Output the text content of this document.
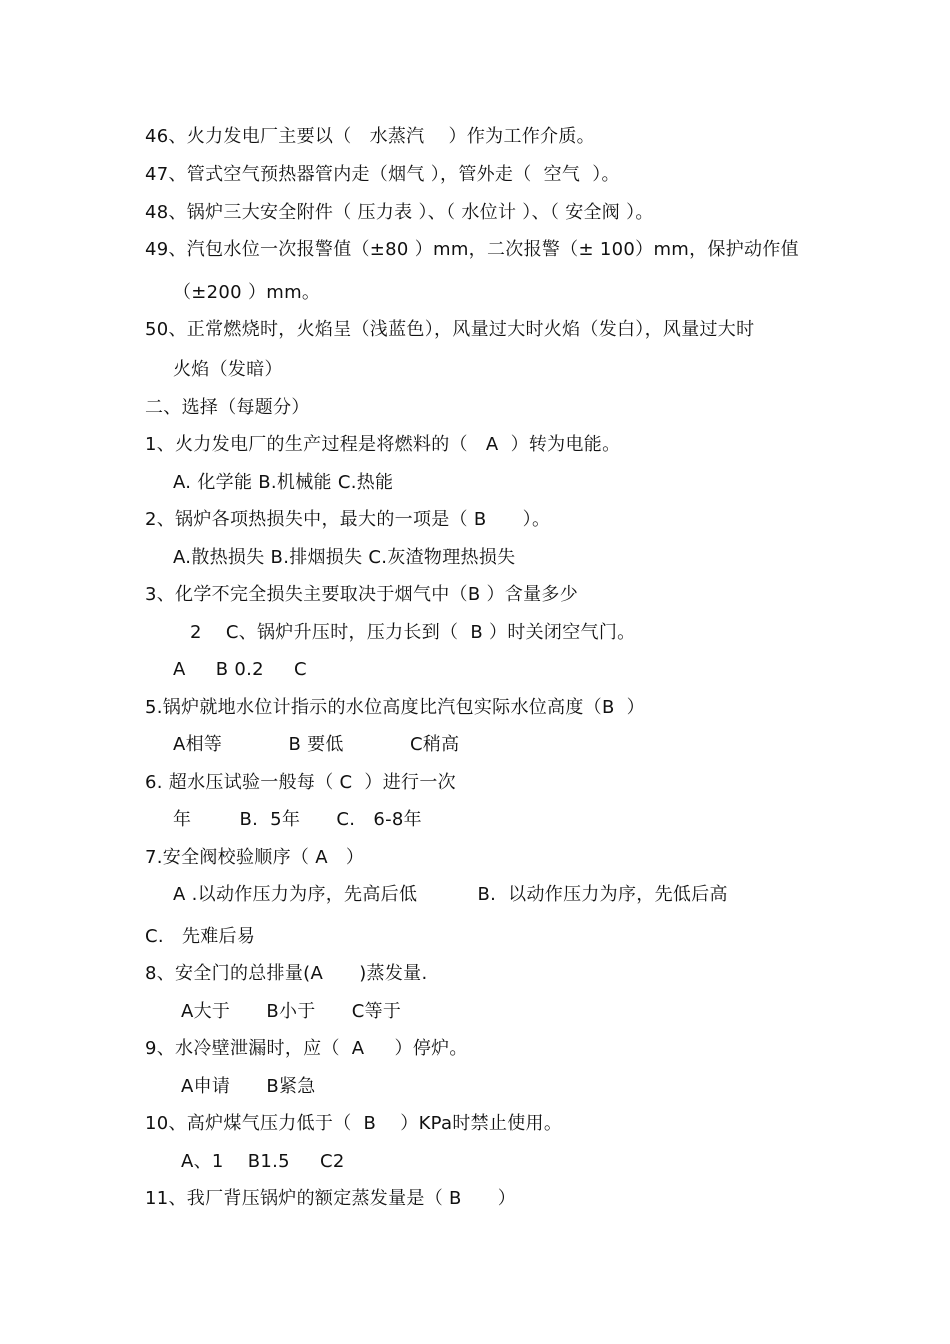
46、火力发电厂主要以（   水蒸汽    ）作为工作介质。
47、管式空气预热器管内走（烟气 ），管外走（  空气  ）。
48、锅炉三大安全附件（ 压力表 ）、（ 水位计 ）、（ 安全阀 ）。
49、汽包水位一次报警值（±80 ）mm，二次报警（± 100）mm，保护动作值
（±200 ）mm。
50、正常燃烧时，火焰呈（浅蓝色），风量过大时火焰（发白），风量过大时
火焰（发暗）
二、选择（每题分）
1、火力发电厂的生产过程是将燃料的（   A  ）转为电能。
A. 化学能 B.机械能 C.热能
2、锅炉各项热损失中，最大的一项是（ B      ）。
A.散热损失 B.排烟损失 C.灰渣物理热损失
3、化学不完全损失主要取决于烟气中（B ）含量多少
2    C、锅炉升压时，压力长到（  B ）时关闭空气门。
A     B 0.2     C
5.锅炉就地水位计指示的水位高度比汽包实际水位高度（B  ）
A相等           B 要低           C稍高
6. 超水压试验一般每（ C  ）进行一次
年        B.  5年      C.   6-8年
7.安全阀校验顺序（ A   ）
A .以动作压力为序，先高后低          B.  以动作压力为序，先低后高
C.   先难后易
8、安全门的总排量(A      )蒸发量.
A大于      B小于      C等于
9、水冷壁泄漏时，应（  A     ）停炉。
A申请      B紧急
10、高炉煤气压力低于（  B    ）KPa时禁止使用。
A、1    B1.5     C2
11、我厂背压锅炉的额定蒸发量是（ B      ）
